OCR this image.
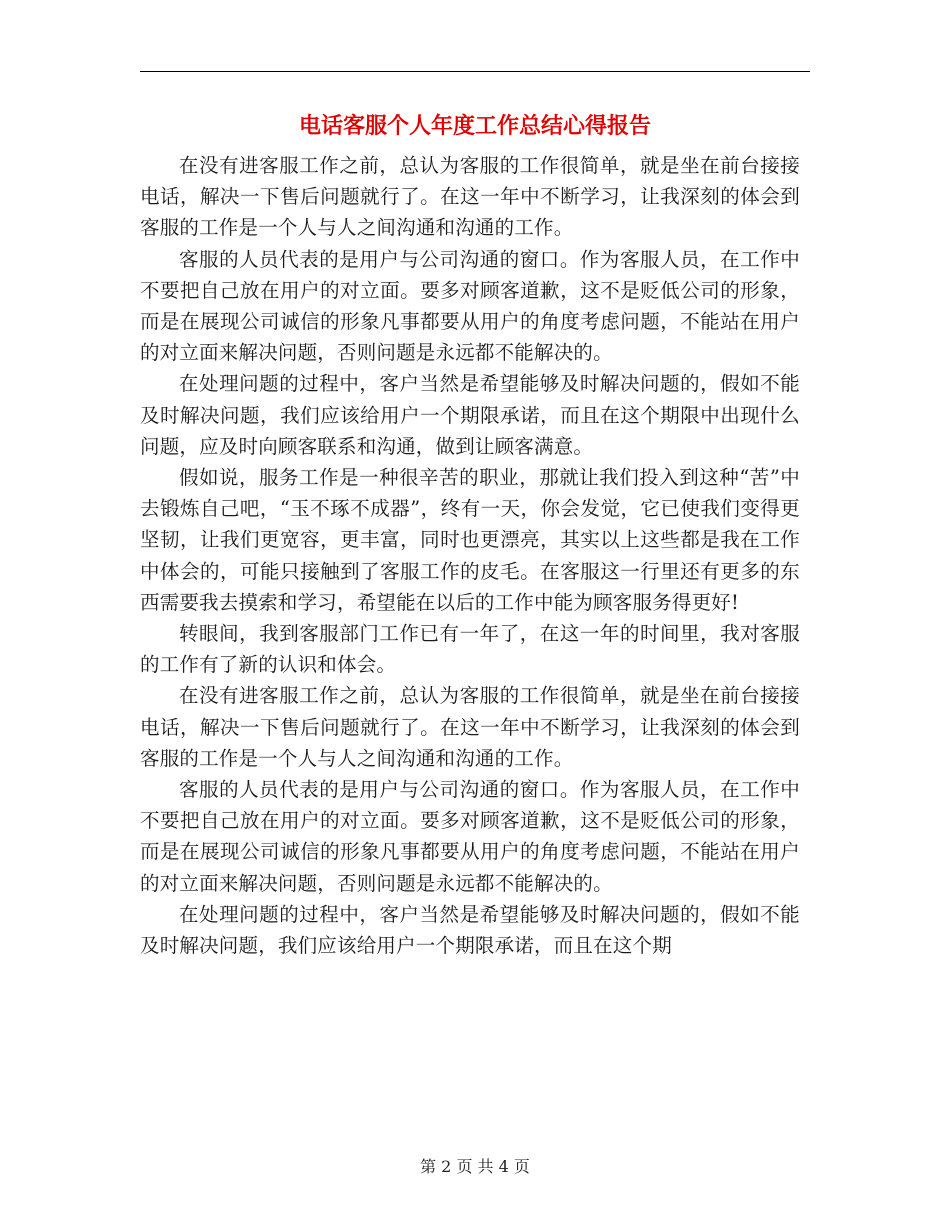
电话客服个人年度工作总结心得报告

在没有进客服工作之前，总认为客服的工作很简单，就是坐在前台接接电话，解决一下售后问题就行了。在这一年中不断学习，让我深刻的体会到客服的工作是一个人与人之间沟通和沟通的工作。

客服的人员代表的是用户与公司沟通的窗口。作为客服人员，在工作中不要把自己放在用户的对立面。要多对顾客道歉，这不是贬低公司的形象，而是在展现公司诚信的形象凡事都要从用户的角度考虑问题，不能站在用户的对立面来解决问题，否则问题是永远都不能解决的。

在处理问题的过程中，客户当然是希望能够及时解决问题的，假如不能及时解决问题，我们应该给用户一个期限承诺，而且在这个期限中出现什么问题，应及时向顾客联系和沟通，做到让顾客满意。

假如说，服务工作是一种很辛苦的职业，那就让我们投入到这种“苦”中去锻炼自己吧，“玉不琢不成器”，终有一天，你会发觉，它已使我们变得更坚韧，让我们更宽容，更丰富，同时也更漂亮，其实以上这些都是我在工作中体会的，可能只接触到了客服工作的皮毛。在客服这一行里还有更多的东西需要我去摸索和学习，希望能在以后的工作中能为顾客服务得更好!

转眼间，我到客服部门工作已有一年了，在这一年的时间里，我对客服的工作有了新的认识和体会。

在没有进客服工作之前，总认为客服的工作很简单，就是坐在前台接接电话，解决一下售后问题就行了。在这一年中不断学习，让我深刻的体会到客服的工作是一个人与人之间沟通和沟通的工作。

客服的人员代表的是用户与公司沟通的窗口。作为客服人员，在工作中不要把自己放在用户的对立面。要多对顾客道歉，这不是贬低公司的形象，而是在展现公司诚信的形象凡事都要从用户的角度考虑问题，不能站在用户的对立面来解决问题，否则问题是永远都不能解决的。

在处理问题的过程中，客户当然是希望能够及时解决问题的，假如不能及时解决问题，我们应该给用户一个期限承诺，而且在这个期

第 2 页 共 4 页
